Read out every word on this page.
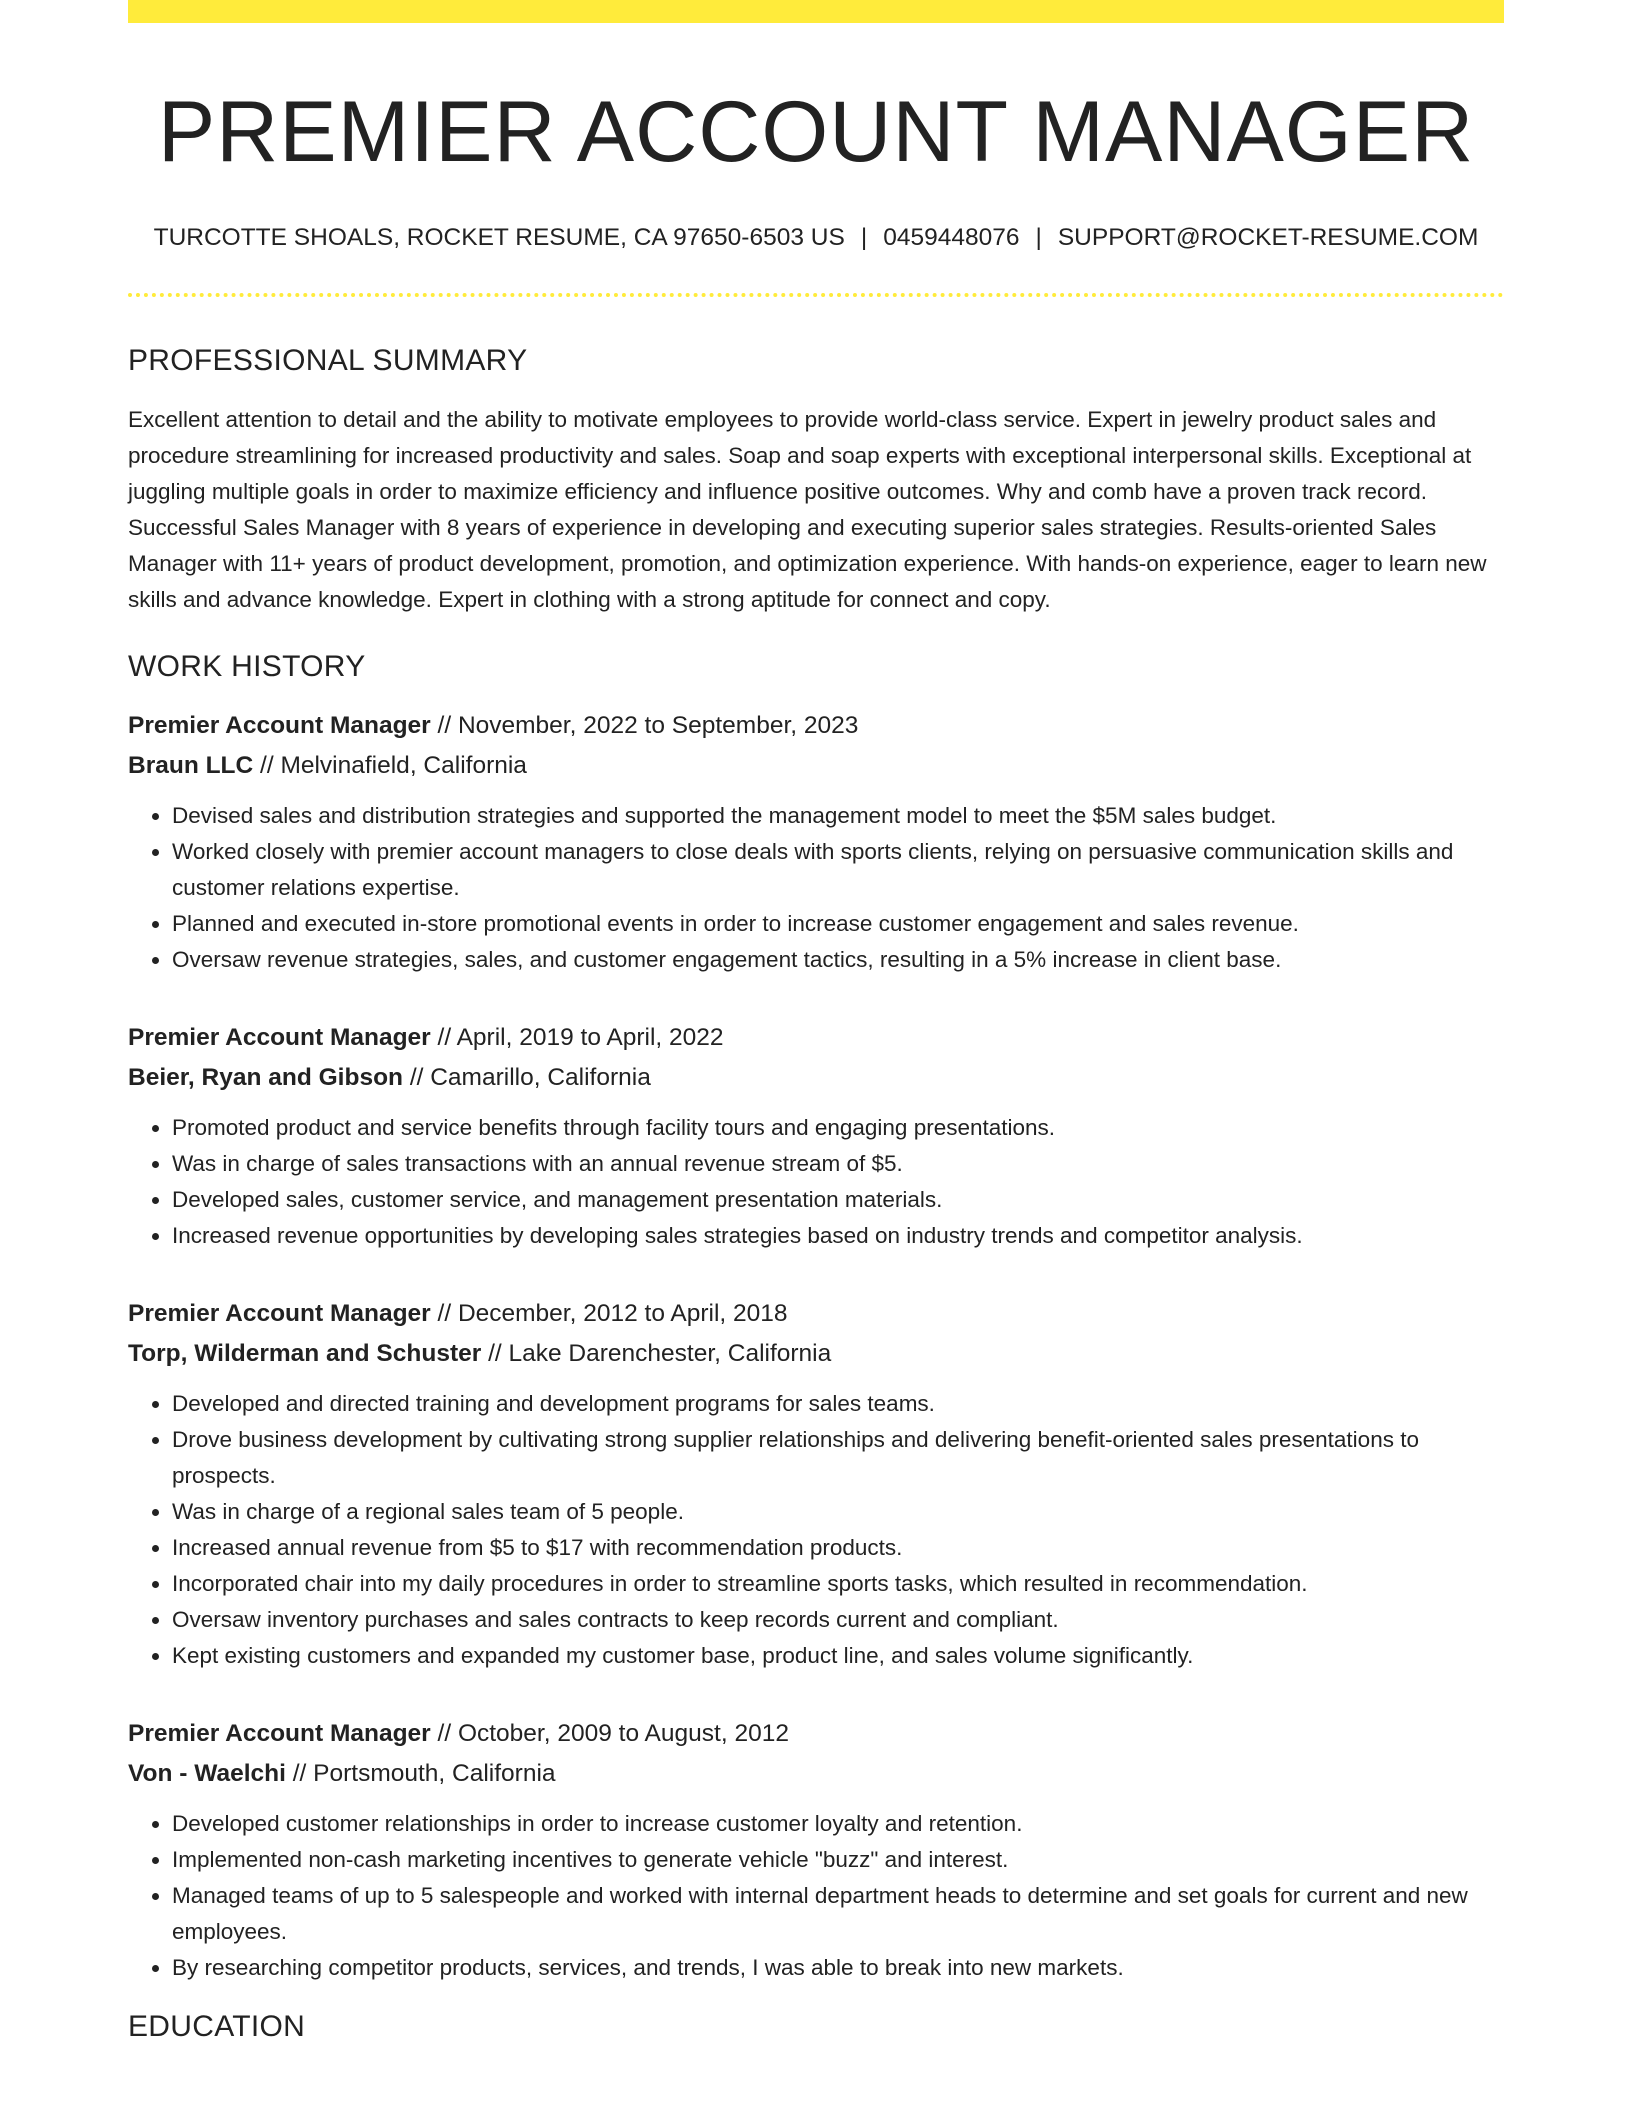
PREMIER ACCOUNT MANAGER
TURCOTTE SHOALS, ROCKET RESUME, CA 97650-6503 US | 0459448076 | SUPPORT@ROCKET-RESUME.COM
PROFESSIONAL SUMMARY

Excellent attention to detail and the ability to motivate employees to provide world-class service. Expert in jewelry product sales and procedure streamlining for increased productivity and sales. Soap and soap experts with exceptional interpersonal skills. Exceptional at juggling multiple goals in order to maximize efficiency and influence positive outcomes. Why and comb have a proven track record. Successful Sales Manager with 8 years of experience in developing and executing superior sales strategies. Results-oriented Sales Manager with 11+ years of product development, promotion, and optimization experience. With hands-on experience, eager to learn new skills and advance knowledge. Expert in clothing with a strong aptitude for connect and copy.

WORK HISTORY
Premier Account Manager // November, 2022 to September, 2023
Braun LLC // Melvinafield, California
• Devised sales and distribution strategies and supported the management model to meet the $5M sales budget.
• Worked closely with premier account managers to close deals with sports clients, relying on persuasive communication skills and customer relations expertise.
• Planned and executed in-store promotional events in order to increase customer engagement and sales revenue.
• Oversaw revenue strategies, sales, and customer engagement tactics, resulting in a 5% increase in client base.
Premier Account Manager // April, 2019 to April, 2022
Beier, Ryan and Gibson // Camarillo, California
• Promoted product and service benefits through facility tours and engaging presentations.
• Was in charge of sales transactions with an annual revenue stream of $5.
• Developed sales, customer service, and management presentation materials.
• Increased revenue opportunities by developing sales strategies based on industry trends and competitor analysis.
Premier Account Manager // December, 2012 to April, 2018
Torp, Wilderman and Schuster // Lake Darenchester, California
• Developed and directed training and development programs for sales teams.
• Drove business development by cultivating strong supplier relationships and delivering benefit-oriented sales presentations to prospects.
• Was in charge of a regional sales team of 5 people.
• Increased annual revenue from $5 to $17 with recommendation products.
• Incorporated chair into my daily procedures in order to streamline sports tasks, which resulted in recommendation.
• Oversaw inventory purchases and sales contracts to keep records current and compliant.
• Kept existing customers and expanded my customer base, product line, and sales volume significantly.
Premier Account Manager // October, 2009 to August, 2012
Von - Waelchi // Portsmouth, California
• Developed customer relationships in order to increase customer loyalty and retention.
• Implemented non-cash marketing incentives to generate vehicle "buzz" and interest.
• Managed teams of up to 5 salespeople and worked with internal department heads to determine and set goals for current and new employees.
• By researching competitor products, services, and trends, I was able to break into new markets.
EDUCATION
